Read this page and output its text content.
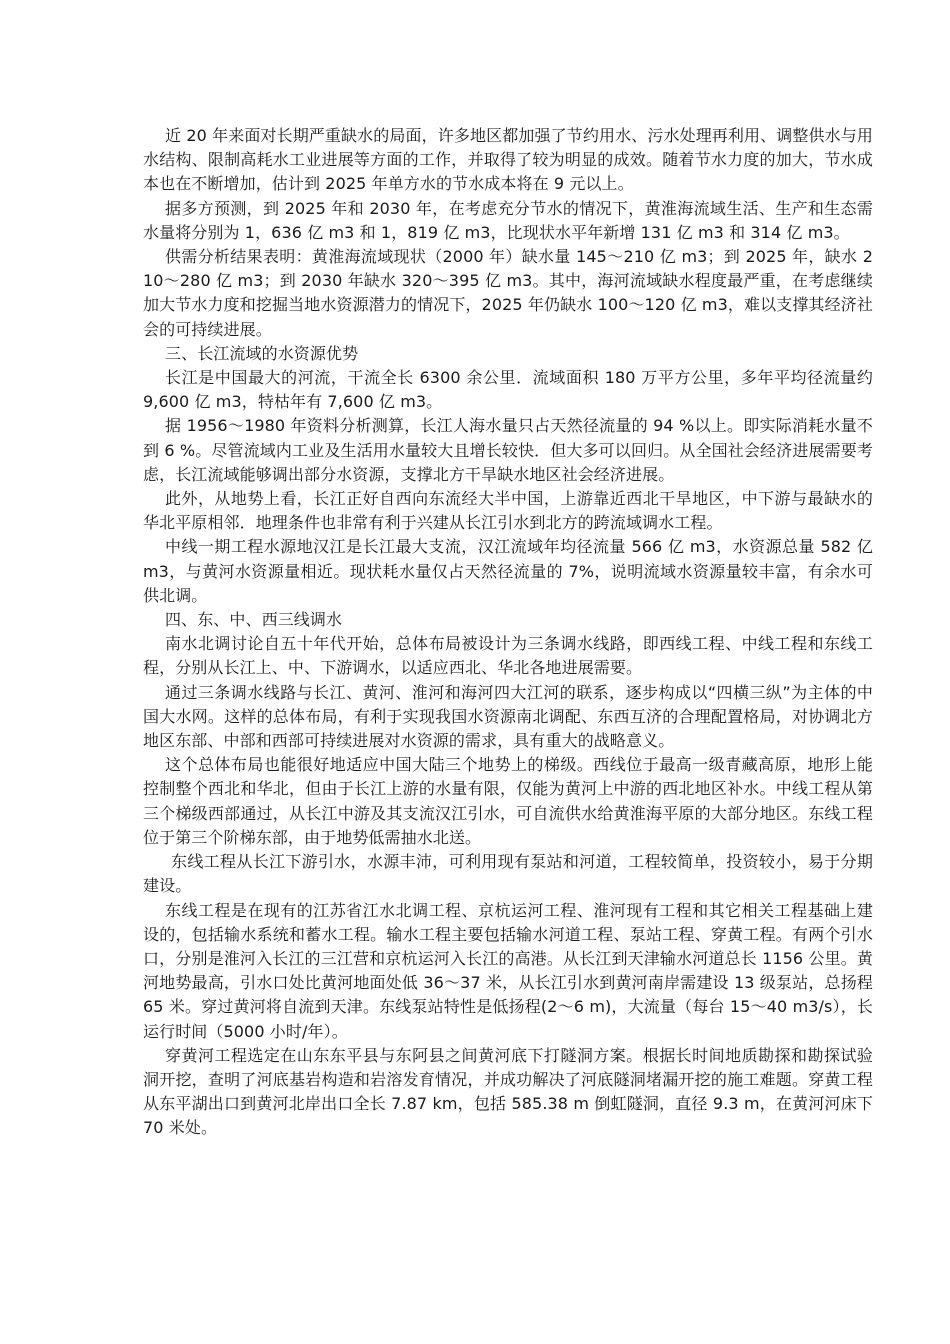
近 20 年来面对长期严重缺水的局面，许多地区都加强了节约用水、污水处理再利用、调整供水与用水结构、限制高耗水工业进展等方面的工作，并取得了较为明显的成效。随着节水力度的加大，节水成本也在不断增加，估计到 2025 年单方水的节水成本将在 9 元以上。

据多方预测，到 2025 年和 2030 年，在考虑充分节水的情况下，黄淮海流域生活、生产和生态需水量将分别为 1，636 亿 m3 和 1，819 亿 m3，比现状水平年新增 131 亿 m3 和 314 亿 m3。

供需分析结果表明：黄淮海流域现状（2000 年）缺水量 145～210 亿 m3；到 2025 年，缺水 210～280 亿 m3；到 2030 年缺水 320～395 亿 m3。其中，海河流域缺水程度最严重，在考虑继续加大节水力度和挖掘当地水资源潜力的情况下，2025 年仍缺水 100～120 亿 m3，难以支撑其经济社会的可持续进展。

三、长江流域的水资源优势

长江是中国最大的河流，干流全长 6300 余公里．流域面积 180 万平方公里，多年平均径流量约 9,600 亿 m3，特枯年有 7,600 亿 m3。

据 1956～1980 年资料分析测算，长江人海水量只占天然径流量的 94 %以上。即实际消耗水量不到 6 %。尽管流域内工业及生活用水量较大且增长较快．但大多可以回归。从全国社会经济进展需要考虑，长江流域能够调出部分水资源，支撑北方干旱缺水地区社会经济进展。

此外，从地势上看，长江正好自西向东流经大半中国，上游靠近西北干旱地区，中下游与最缺水的华北平原相邻．地理条件也非常有利于兴建从长江引水到北方的跨流域调水工程。

中线一期工程水源地汉江是长江最大支流，汉江流域年均径流量 566 亿 m3，水资源总量 582 亿 m3，与黄河水资源量相近。现状耗水量仅占天然径流量的 7%，说明流域水资源量较丰富，有余水可供北调。

四、东、中、西三线调水

南水北调讨论自五十年代开始，总体布局被设计为三条调水线路，即西线工程、中线工程和东线工程，分别从长江上、中、下游调水，以适应西北、华北各地进展需要。

通过三条调水线路与长江、黄河、淮河和海河四大江河的联系，逐步构成以“四横三纵”为主体的中国大水网。这样的总体布局，有利于实现我国水资源南北调配、东西互济的合理配置格局，对协调北方地区东部、中部和西部可持续进展对水资源的需求，具有重大的战略意义。

这个总体布局也能很好地适应中国大陆三个地势上的梯级。西线位于最高一级青藏高原，地形上能控制整个西北和华北，但由于长江上游的水量有限，仅能为黄河上中游的西北地区补水。中线工程从第三个梯级西部通过，从长江中游及其支流汉江引水，可自流供水给黄淮海平原的大部分地区。东线工程位于第三个阶梯东部，由于地势低需抽水北送。

东线工程从长江下游引水，水源丰沛，可利用现有泵站和河道，工程较简单，投资较小，易于分期建设。

东线工程是在现有的江苏省江水北调工程、京杭运河工程、淮河现有工程和其它相关工程基础上建设的，包括输水系统和蓄水工程。输水工程主要包括输水河道工程、泵站工程、穿黄工程。有两个引水口，分别是淮河入长江的三江营和京杭运河入长江的高港。从长江到天津输水河道总长 1156 公里。黄河地势最高，引水口处比黄河地面处低 36～37 米，从长江引水到黄河南岸需建设 13 级泵站，总扬程 65 米。穿过黄河将自流到天津。东线泵站特性是低扬程(2～6 m)，大流量（每台 15～40 m3/s），长运行时间（5000 小时/年）。

穿黄河工程选定在山东东平县与东阿县之间黄河底下打隧洞方案。根据长时间地质勘探和勘探试验洞开挖，查明了河底基岩构造和岩溶发育情况，并成功解决了河底隧洞堵漏开挖的施工难题。穿黄工程从东平湖出口到黄河北岸出口全长 7.87 km，包括 585.38 m 倒虹隧洞，直径 9.3 m，在黄河河床下 70 米处。
